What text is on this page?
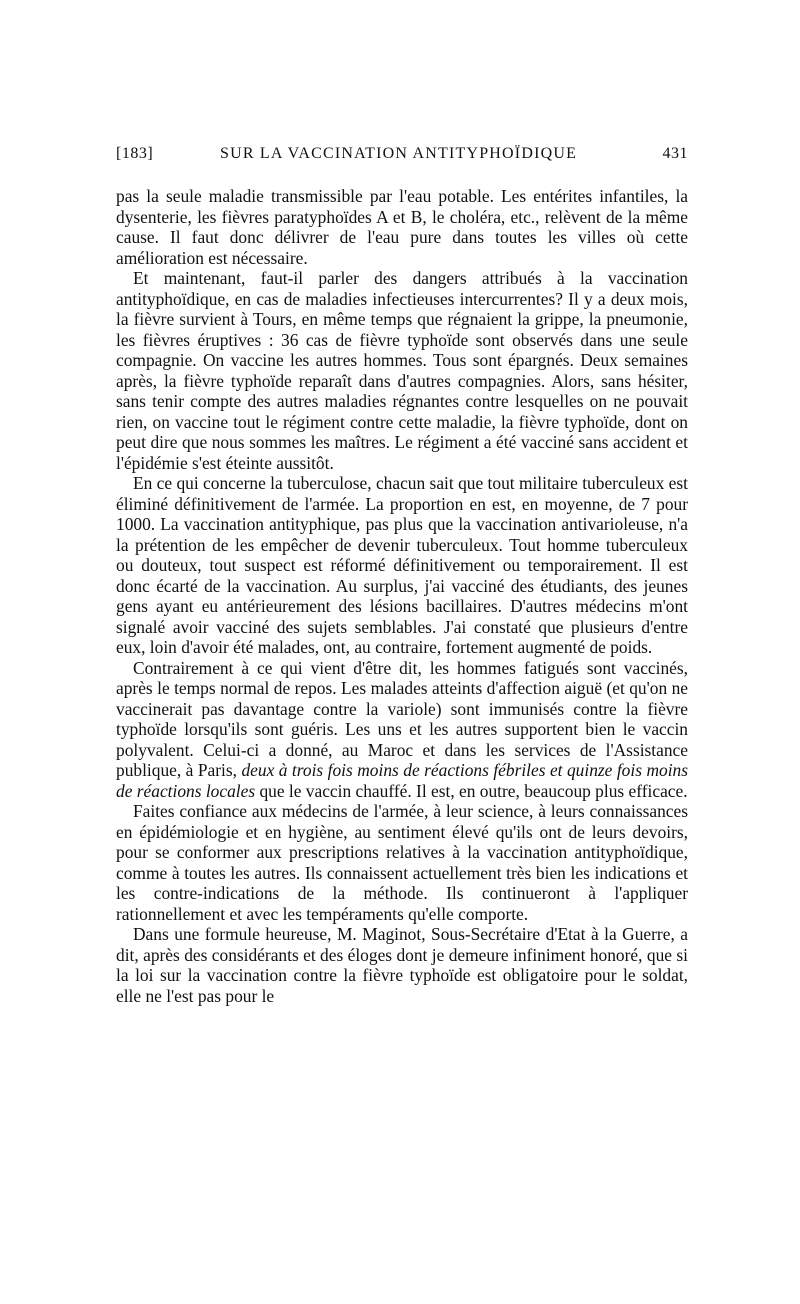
[183]	SUR LA VACCINATION ANTITYPHOÏDIQUE	431

pas la seule maladie transmissible par l'eau potable. Les entérites infantiles, la dysenterie, les fièvres paratyphoïdes A et B, le choléra, etc., relèvent de la même cause. Il faut donc délivrer de l'eau pure dans toutes les villes où cette amélioration est nécessaire.

Et maintenant, faut-il parler des dangers attribués à la vaccination antityphoïdique, en cas de maladies infectieuses intercurrentes? Il y a deux mois, la fièvre survient à Tours, en même temps que régnaient la grippe, la pneumonie, les fièvres éruptives : 36 cas de fièvre typhoïde sont observés dans une seule compagnie. On vaccine les autres hommes. Tous sont épargnés. Deux semaines après, la fièvre typhoïde reparaît dans d'autres compagnies. Alors, sans hésiter, sans tenir compte des autres maladies régnantes contre lesquelles on ne pouvait rien, on vaccine tout le régiment contre cette maladie, la fièvre typhoïde, dont on peut dire que nous sommes les maîtres. Le régiment a été vacciné sans accident et l'épidémie s'est éteinte aussitôt.

En ce qui concerne la tuberculose, chacun sait que tout militaire tuberculeux est éliminé définitivement de l'armée. La proportion en est, en moyenne, de 7 pour 1000. La vaccination antityphique, pas plus que la vaccination antivarioleuse, n'a la prétention de les empêcher de devenir tuberculeux. Tout homme tuberculeux ou douteux, tout suspect est réformé définitivement ou temporairement. Il est donc écarté de la vaccination. Au surplus, j'ai vacciné des étudiants, des jeunes gens ayant eu antérieurement des lésions bacillaires. D'autres médecins m'ont signalé avoir vacciné des sujets semblables. J'ai constaté que plusieurs d'entre eux, loin d'avoir été malades, ont, au contraire, fortement augmenté de poids.

Contrairement à ce qui vient d'être dit, les hommes fatigués sont vaccinés, après le temps normal de repos. Les malades atteints d'affection aiguë (et qu'on ne vaccinerait pas davantage contre la variole) sont immunisés contre la fièvre typhoïde lorsqu'ils sont guéris. Les uns et les autres supportent bien le vaccin polyvalent. Celui-ci a donné, au Maroc et dans les services de l'Assistance publique, à Paris, deux à trois fois moins de réactions fébriles et quinze fois moins de réactions locales que le vaccin chauffé. Il est, en outre, beaucoup plus efficace.

Faites confiance aux médecins de l'armée, à leur science, à leurs connaissances en épidémiologie et en hygiène, au sentiment élevé qu'ils ont de leurs devoirs, pour se conformer aux prescriptions relatives à la vaccination antityphoïdique, comme à toutes les autres. Ils connaissent actuellement très bien les indications et les contre-indications de la méthode. Ils continueront à l'appliquer rationnellement et avec les tempéraments qu'elle comporte.

Dans une formule heureuse, M. Maginot, Sous-Secrétaire d'Etat à la Guerre, a dit, après des considérants et des éloges dont je demeure infiniment honoré, que si la loi sur la vaccination contre la fièvre typhoïde est obligatoire pour le soldat, elle ne l'est pas pour le
